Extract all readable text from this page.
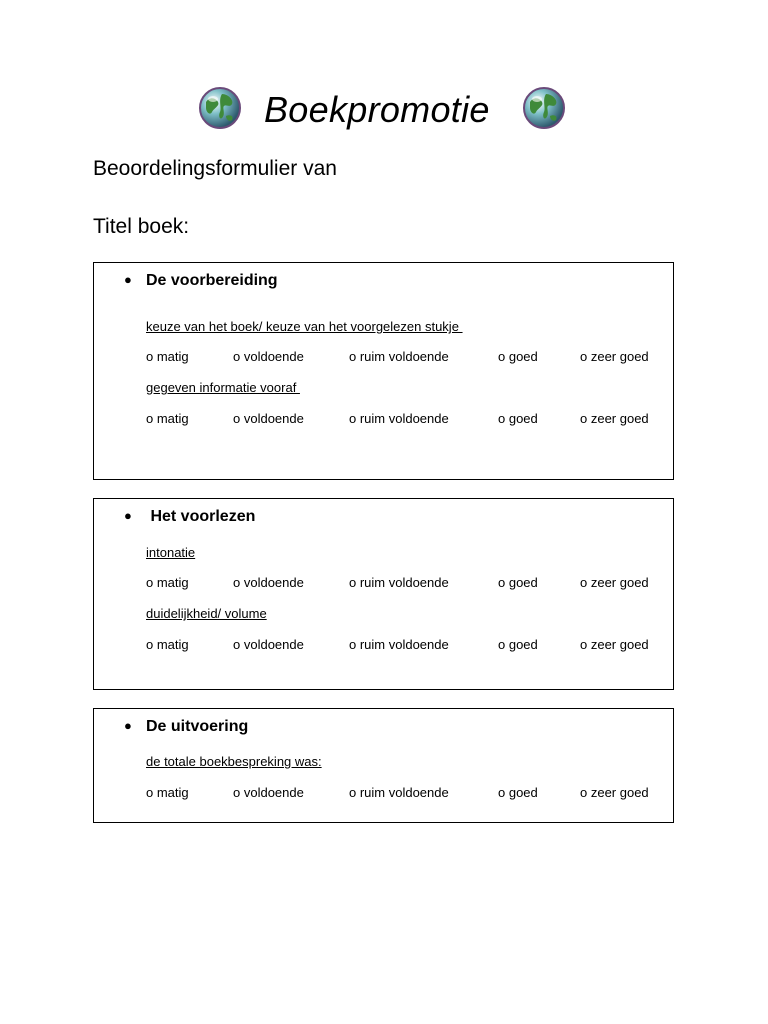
Boekpromotie
Beoordelingsformulier van
Titel boek:
● De voorbereiding
keuze van het boek/ keuze van het voorgelezen stukje
o matig	o voldoende	o ruim voldoende	o goed	o zeer goed
gegeven informatie vooraf
o matig	o voldoende	o ruim voldoende	o goed	o zeer goed
● Het voorlezen
intonatie
o matig	o voldoende	o ruim voldoende	o goed	o zeer goed
duidelijkheid/ volume
o matig	o voldoende	o ruim voldoende	o goed	o zeer goed
● De uitvoering
de totale boekbespreking was:
o matig	o voldoende	o ruim voldoende	o goed	o zeer goed
